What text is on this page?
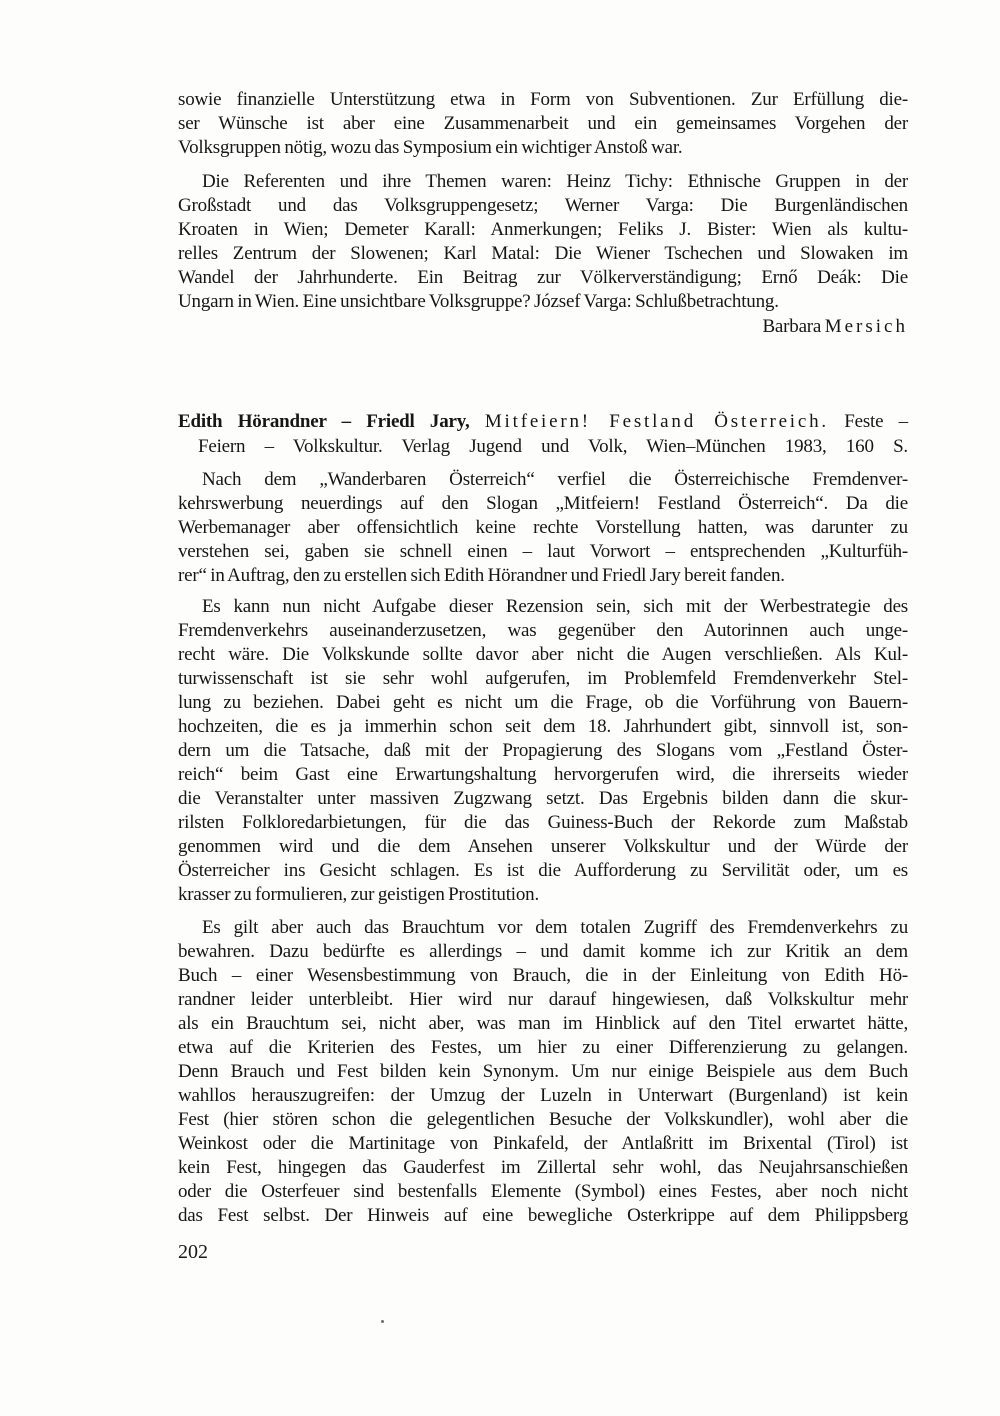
sowie finanzielle Unterstützung etwa in Form von Subventionen. Zur Erfüllung die-
ser Wünsche ist aber eine Zusammenarbeit und ein gemeinsames Vorgehen der
Volksgruppen nötig, wozu das Symposium ein wichtiger Anstoß war.
Die Referenten und ihre Themen waren: Heinz Tichy: Ethnische Gruppen in der
Großstadt und das Volksgruppengesetz; Werner Varga: Die Burgenländischen
Kroaten in Wien; Demeter Karall: Anmerkungen; Feliks J. Bister: Wien als kultu-
relles Zentrum der Slowenen; Karl Matal: Die Wiener Tschechen und Slowaken im
Wandel der Jahrhunderte. Ein Beitrag zur Völkerverständigung; Ernő Deák: Die
Ungarn in Wien. Eine unsichtbare Volksgruppe? József Varga: Schlußbetrachtung.
Barbara Mersich
Edith Hörandner – Friedl Jary, Mitfeiern! Festland Österreich. Feste –
Feiern – Volkskultur. Verlag Jugend und Volk, Wien–München 1983, 160 S.
Nach dem „Wanderbaren Österreich“ verfiel die Österreichische Fremdenver-
kehrswerbung neuerdings auf den Slogan „Mitfeiern! Festland Österreich“. Da die
Werbemanager aber offensichtlich keine rechte Vorstellung hatten, was darunter zu
verstehen sei, gaben sie schnell einen – laut Vorwort – entsprechenden „Kulturfüh-
rer“ in Auftrag, den zu erstellen sich Edith Hörandner und Friedl Jary bereit fanden.
Es kann nun nicht Aufgabe dieser Rezension sein, sich mit der Werbestrategie des
Fremdenverkehrs auseinanderzusetzen, was gegenüber den Autorinnen auch unge-
recht wäre. Die Volkskunde sollte davor aber nicht die Augen verschließen. Als Kul-
turwissenschaft ist sie sehr wohl aufgerufen, im Problemfeld Fremdenverkehr Stel-
lung zu beziehen. Dabei geht es nicht um die Frage, ob die Vorführung von Bauern-
hochzeiten, die es ja immerhin schon seit dem 18. Jahrhundert gibt, sinnvoll ist, son-
dern um die Tatsache, daß mit der Propagierung des Slogans vom „Festland Öster-
reich“ beim Gast eine Erwartungshaltung hervorgerufen wird, die ihrerseits wieder
die Veranstalter unter massiven Zugzwang setzt. Das Ergebnis bilden dann die skur-
rilsten Folkloredarbietungen, für die das Guiness-Buch der Rekorde zum Maßstab
genommen wird und die dem Ansehen unserer Volkskultur und der Würde der
Österreicher ins Gesicht schlagen. Es ist die Aufforderung zu Servilität oder, um es
krasser zu formulieren, zur geistigen Prostitution.
Es gilt aber auch das Brauchtum vor dem totalen Zugriff des Fremdenverkehrs zu
bewahren. Dazu bedürfte es allerdings – und damit komme ich zur Kritik an dem
Buch – einer Wesensbestimmung von Brauch, die in der Einleitung von Edith Hö-
randner leider unterbleibt. Hier wird nur darauf hingewiesen, daß Volkskultur mehr
als ein Brauchtum sei, nicht aber, was man im Hinblick auf den Titel erwartet hätte,
etwa auf die Kriterien des Festes, um hier zu einer Differenzierung zu gelangen.
Denn Brauch und Fest bilden kein Synonym. Um nur einige Beispiele aus dem Buch
wahllos herauszugreifen: der Umzug der Luzeln in Unterwart (Burgenland) ist kein
Fest (hier stören schon die gelegentlichen Besuche der Volkskundler), wohl aber die
Weinkost oder die Martinitage von Pinkafeld, der Antlaßritt im Brixental (Tirol) ist
kein Fest, hingegen das Gauderfest im Zillertal sehr wohl, das Neujahrsanschießen
oder die Osterfeuer sind bestenfalls Elemente (Symbol) eines Festes, aber noch nicht
das Fest selbst. Der Hinweis auf eine bewegliche Osterkrippe auf dem Philippsberg
202
